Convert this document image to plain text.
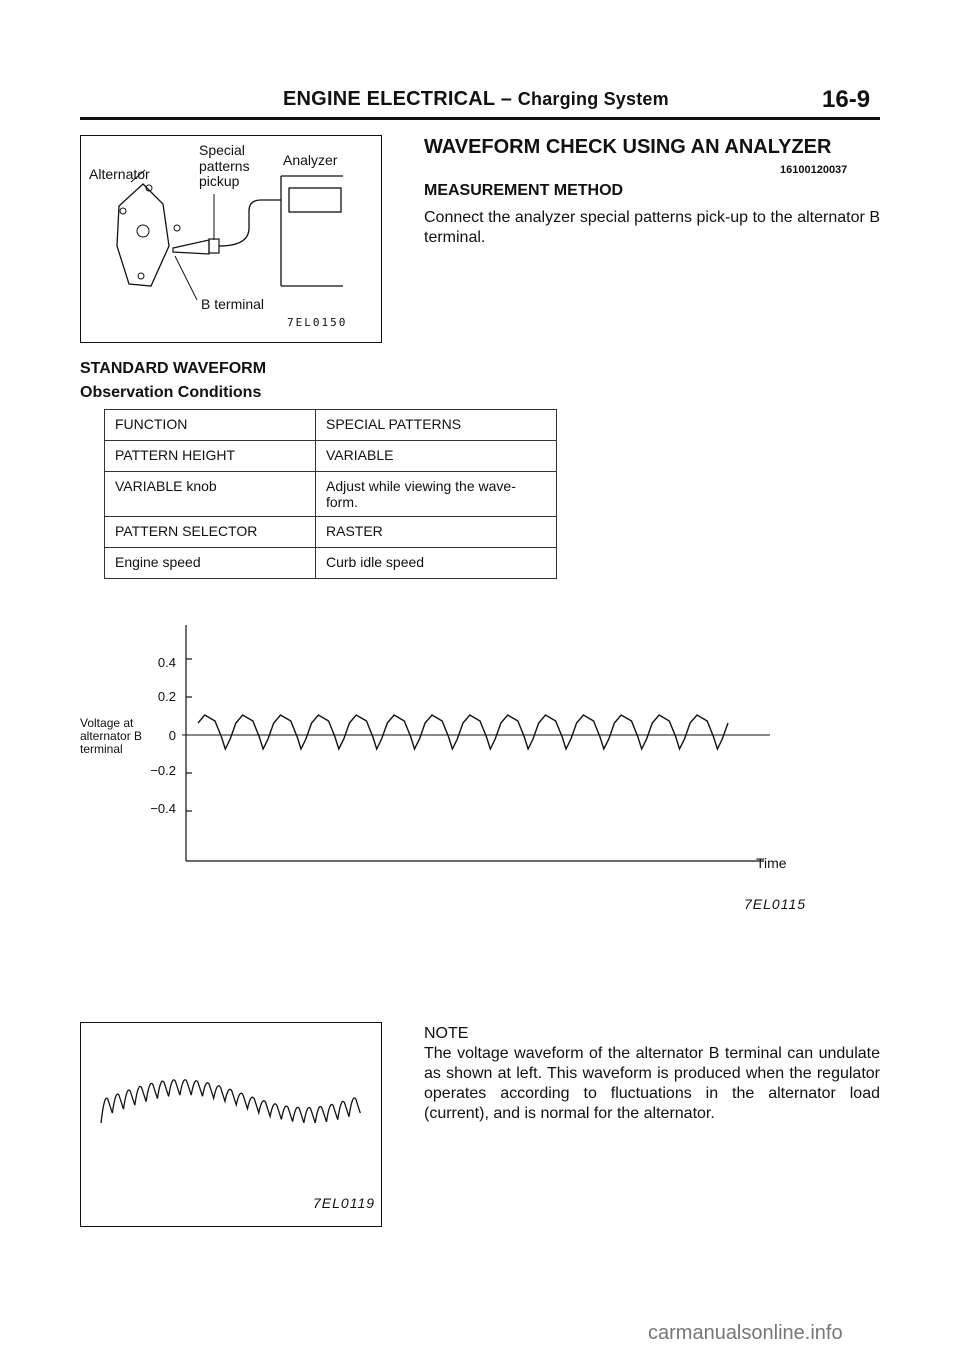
ENGINE ELECTRICAL – Charging System	16-9
Special
patterns
pickup
Analyzer
Alternator
B terminal
7EL0150
WAVEFORM CHECK USING AN ANALYZER
16100120037
MEASUREMENT METHOD
Connect the analyzer special patterns pick-up to the alternator B terminal.
STANDARD WAVEFORM
Observation Conditions
FUNCTION	SPECIAL PATTERNS
PATTERN HEIGHT	VARIABLE
VARIABLE knob	Adjust while viewing the wave-form.
PATTERN SELECTOR	RASTER
Engine speed	Curb idle speed
Voltage at alternator B terminal
Time
0.4
0.2
0
−0.2
−0.4
7EL0115
7EL0119
NOTE
The voltage waveform of the alternator B terminal can undulate as shown at left. This waveform is produced when the regulator operates according to fluctuations in the alternator load (current), and is normal for the alternator.
carmanualsonline.info
